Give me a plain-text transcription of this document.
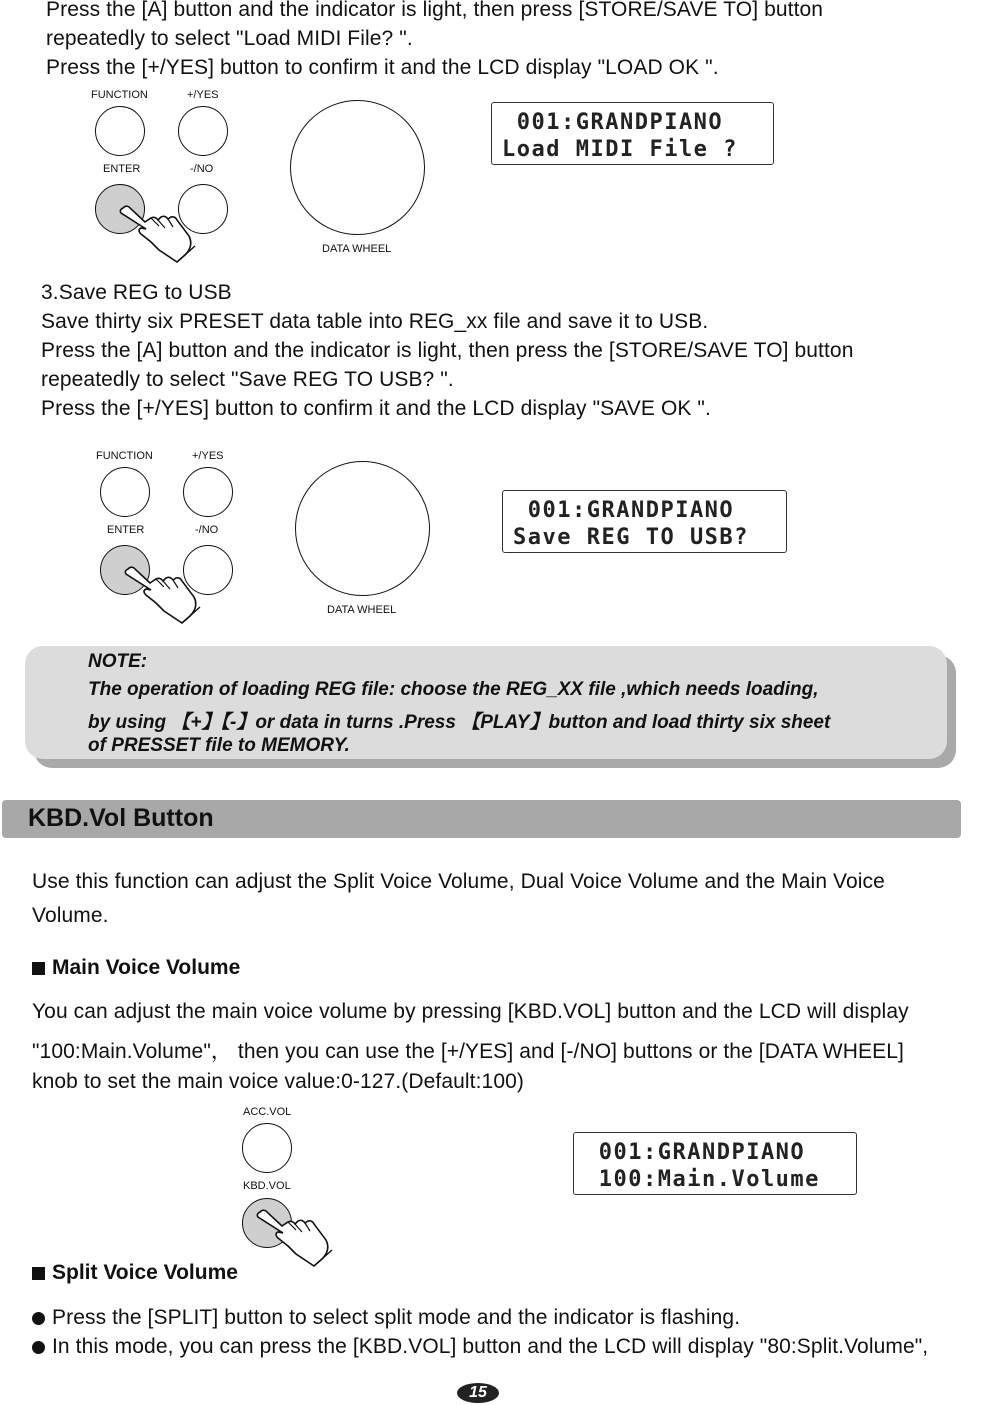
Press the [A] button and the indicator is light, then press [STORE/SAVE TO] button
repeatedly to select "Load MIDI File? ".
Press the [+/YES] button to confirm it and the LCD display "LOAD OK ".
FUNCTION	+/YES
ENTER	-/NO
DATA WHEEL
001:GRANDPIANO
Load MIDI File ?
3.Save REG to USB
Save thirty six PRESET data table into REG_xx file and save it to USB.
Press the [A] button and the indicator is light, then press the [STORE/SAVE TO] button
repeatedly to select "Save REG TO USB? ".
Press the [+/YES] button to confirm it and the LCD display "SAVE OK ".
FUNCTION	+/YES
ENTER	-/NO
DATA WHEEL
001:GRANDPIANO
Save REG TO USB?
NOTE:
The operation of loading REG file: choose the REG_XX file ,which needs loading,
by using 【+】【-】or data in turns .Press 【PLAY】button and load thirty six sheet
of PRESSET file to MEMORY.
KBD.Vol Button
Use this function can adjust the Split Voice Volume, Dual Voice Volume and the Main Voice
Volume.
Main Voice Volume
You can adjust the main voice volume by pressing [KBD.VOL] button and the LCD will display
"100:Main.Volume"， then you can use the [+/YES] and [-/NO] buttons or the [DATA WHEEL]
knob to set the main voice value:0-127.(Default:100)
ACC.VOL
KBD.VOL
001:GRANDPIANO
100:Main.Volume
Split Voice Volume
Press the [SPLIT] button to select split mode and the indicator is flashing.
In this mode, you can press the [KBD.VOL] button and the LCD will display "80:Split.Volume",
15
